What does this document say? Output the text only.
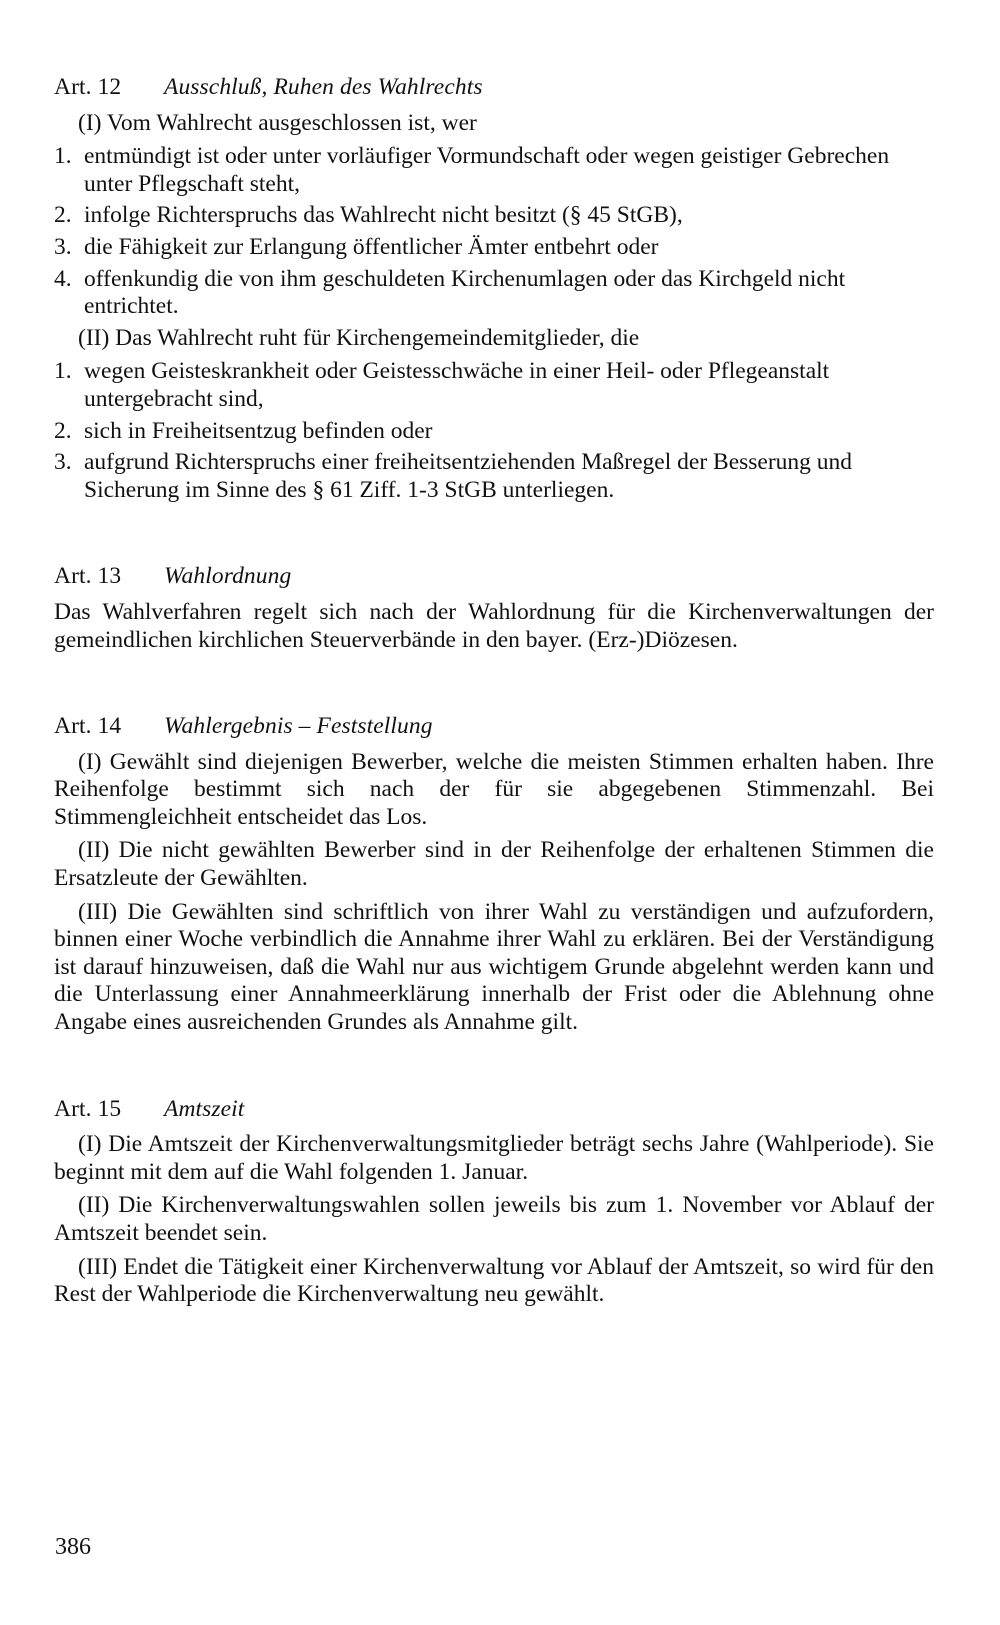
Art. 12 Ausschluß, Ruhen des Wahlrechts

(I) Vom Wahlrecht ausgeschlossen ist, wer

1. entmündigt ist oder unter vorläufiger Vormundschaft oder wegen geistiger Gebrechen unter Pflegschaft steht,
2. infolge Richterspruchs das Wahlrecht nicht besitzt (§ 45 StGB),
3. die Fähigkeit zur Erlangung öffentlicher Ämter entbehrt oder
4. offenkundig die von ihm geschuldeten Kirchenumlagen oder das Kirchgeld nicht entrichtet.

(II) Das Wahlrecht ruht für Kirchengemeindemitglieder, die

1. wegen Geisteskrankheit oder Geistesschwäche in einer Heil- oder Pflegeanstalt untergebracht sind,
2. sich in Freiheitsentzug befinden oder
3. aufgrund Richterspruchs einer freiheitsentziehenden Maßregel der Besserung und Sicherung im Sinne des § 61 Ziff. 1-3 StGB unterliegen.
Art. 13 Wahlordnung

Das Wahlverfahren regelt sich nach der Wahlordnung für die Kirchenverwaltungen der gemeindlichen kirchlichen Steuerverbände in den bayer. (Erz-)Diözesen.

Art. 14 Wahlergebnis – Feststellung

(I) Gewählt sind diejenigen Bewerber, welche die meisten Stimmen erhalten haben. Ihre Reihenfolge bestimmt sich nach der für sie abgegebenen Stimmenzahl. Bei Stimmengleichheit entscheidet das Los.

(II) Die nicht gewählten Bewerber sind in der Reihenfolge der erhaltenen Stimmen die Ersatzleute der Gewählten.

(III) Die Gewählten sind schriftlich von ihrer Wahl zu verständigen und aufzufordern, binnen einer Woche verbindlich die Annahme ihrer Wahl zu erklären. Bei der Verständigung ist darauf hinzuweisen, daß die Wahl nur aus wichtigem Grunde abgelehnt werden kann und die Unterlassung einer Annahmeerklärung innerhalb der Frist oder die Ablehnung ohne Angabe eines ausreichenden Grundes als Annahme gilt.

Art. 15 Amtszeit

(I) Die Amtszeit der Kirchenverwaltungsmitglieder beträgt sechs Jahre (Wahlperiode). Sie beginnt mit dem auf die Wahl folgenden 1. Januar.

(II) Die Kirchenverwaltungswahlen sollen jeweils bis zum 1. November vor Ablauf der Amtszeit beendet sein.

(III) Endet die Tätigkeit einer Kirchenverwaltung vor Ablauf der Amtszeit, so wird für den Rest der Wahlperiode die Kirchenverwaltung neu gewählt.

386
